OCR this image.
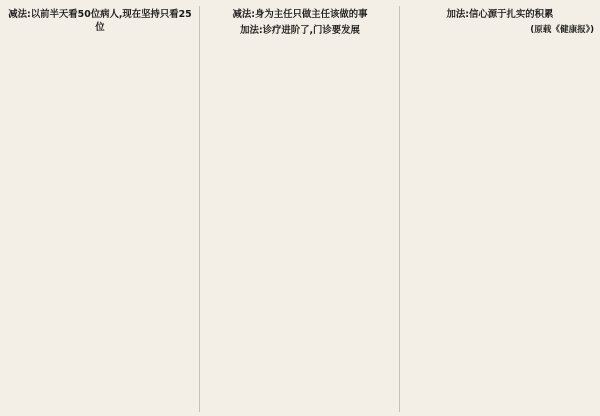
减法:以前半天看50位病人,现在坚持只看25位

减法:身为主任只做主任该做的事

加法:诊疗进阶了,门诊要发展

加法:信心源于扎实的积累

(原载《健康报》)
